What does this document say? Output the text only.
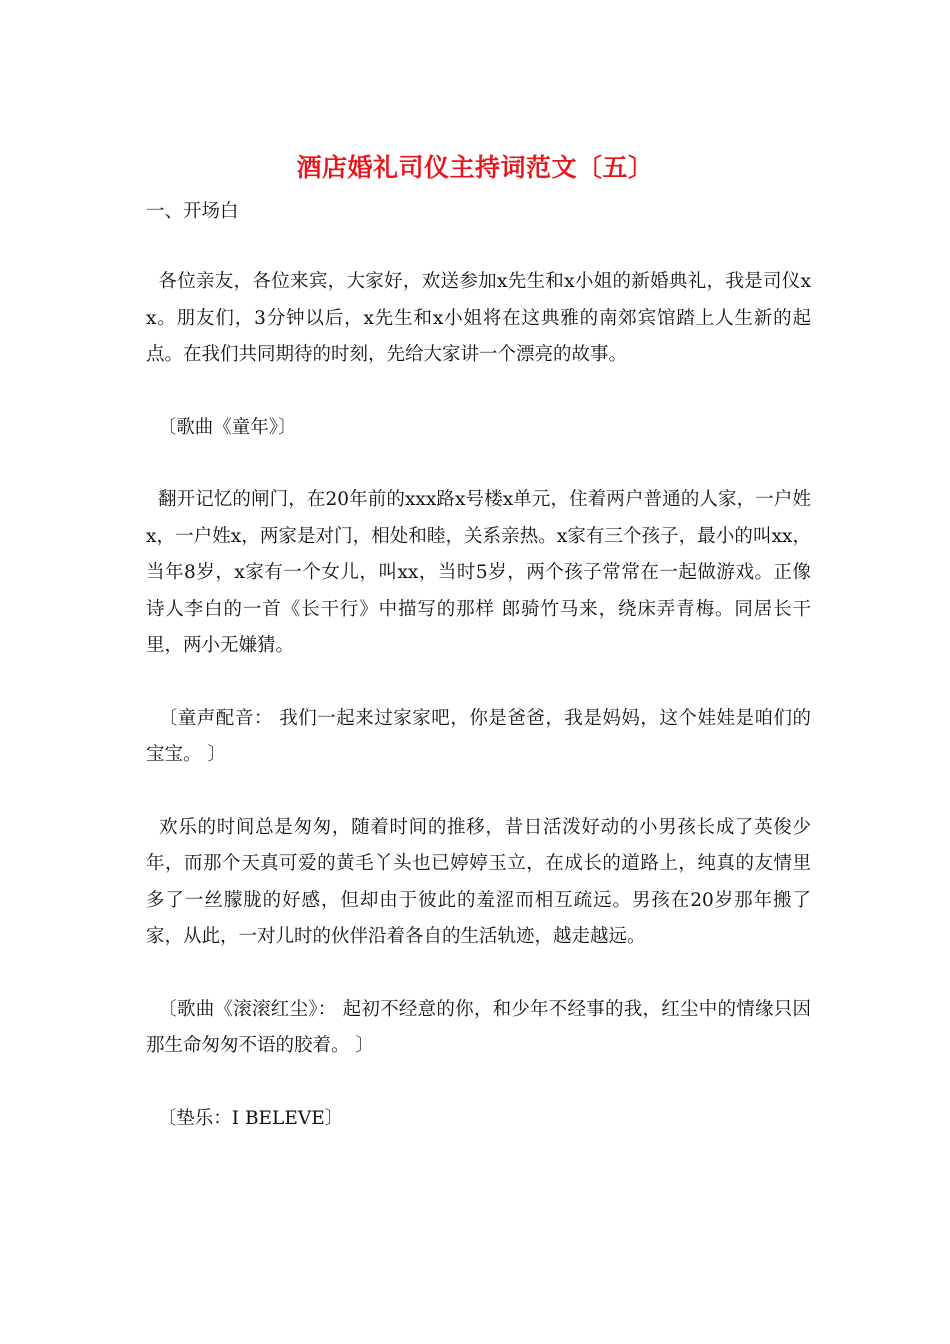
酒店婚礼司仪主持词范文〔五〕
一、开场白

各位亲友，各位来宾，大家好，欢送参加x先生和x小姐的新婚典礼，我是司仪xx。朋友们，3分钟以后，x先生和x小姐将在这典雅的南郊宾馆踏上人生新的起点。在我们共同期待的时刻，先给大家讲一个漂亮的故事。

〔歌曲《童年》〕

翻开记忆的闸门，在20年前的xxx路x号楼x单元，住着两户普通的人家，一户姓x，一户姓x，两家是对门，相处和睦，关系亲热。x家有三个孩子，最小的叫xx，当年8岁，x家有一个女儿，叫xx，当时5岁，两个孩子常常在一起做游戏。正像诗人李白的一首《长干行》中描写的那样 郎骑竹马来，绕床弄青梅。同居长干里，两小无嫌猜。

〔童声配音： 我们一起来过家家吧，你是爸爸，我是妈妈，这个娃娃是咱们的宝宝。 〕

欢乐的时间总是匆匆，随着时间的推移，昔日活泼好动的小男孩长成了英俊少年，而那个天真可爱的黄毛丫头也已婷婷玉立，在成长的道路上，纯真的友情里多了一丝朦胧的好感，但却由于彼此的羞涩而相互疏远。男孩在20岁那年搬了家，从此，一对儿时的伙伴沿着各自的生活轨迹，越走越远。

〔歌曲《滚滚红尘》： 起初不经意的你，和少年不经事的我，红尘中的情缘只因那生命匆匆不语的胶着。 〕

〔垫乐：I BELEVE〕
